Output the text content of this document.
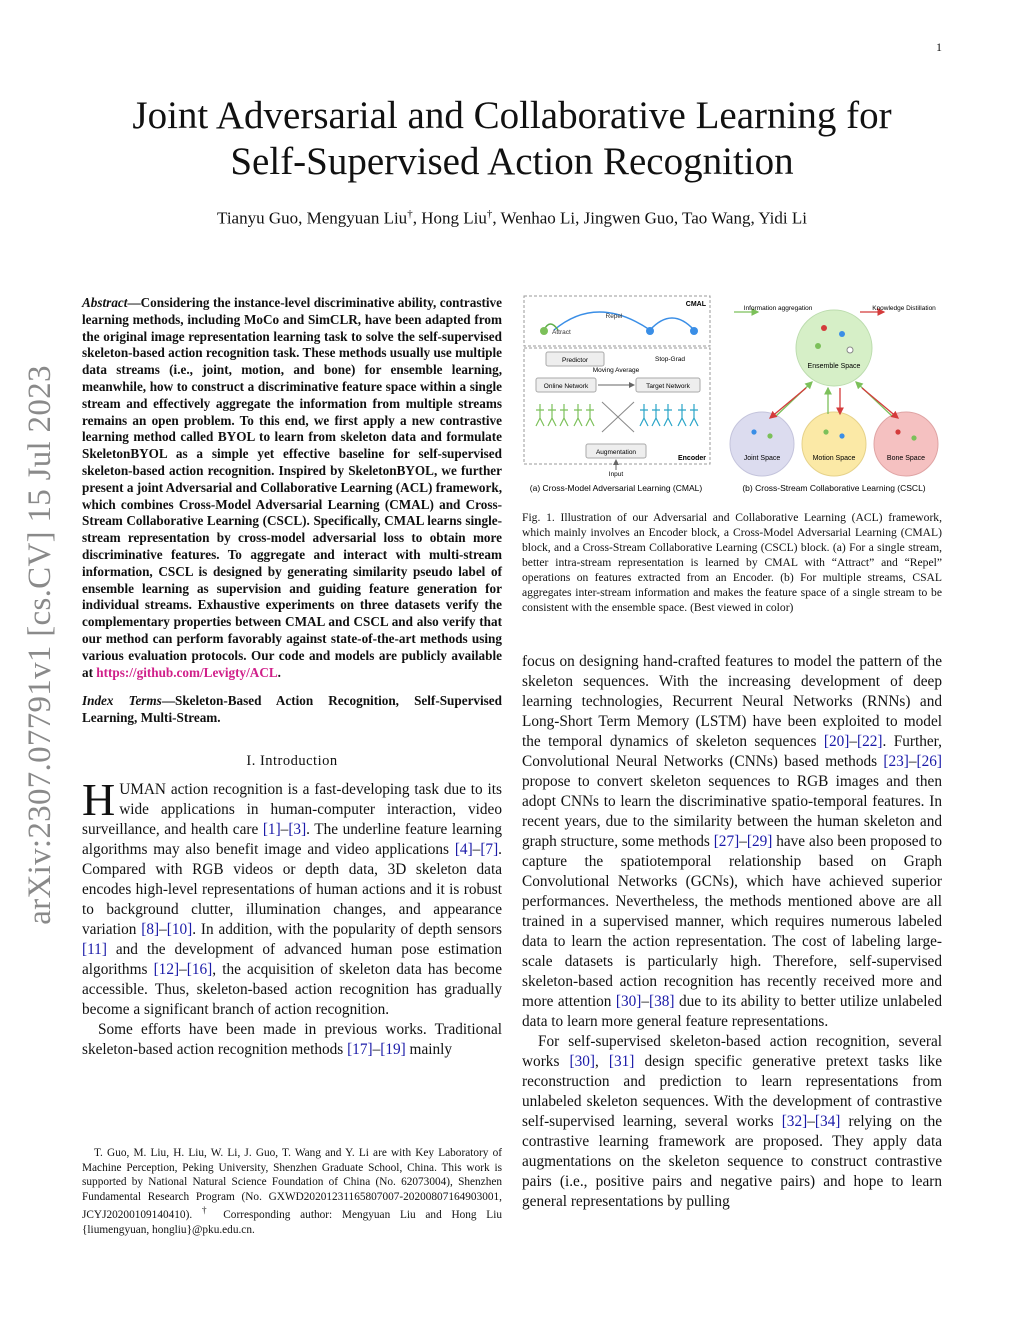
1
Joint Adversarial and Collaborative Learning for
Self-Supervised Action Recognition
Tianyu Guo, Mengyuan Liu†, Hong Liu†, Wenhao Li, Jingwen Guo, Tao Wang, Yidi Li
arXiv:2307.07791v1 [cs.CV] 15 Jul 2023
Abstract—Considering the instance-level discriminative ability, contrastive learning methods, including MoCo and SimCLR, have been adapted from the original image representation learning task to solve the self-supervised skeleton-based action recognition task. These methods usually use multiple data streams (i.e., joint, motion, and bone) for ensemble learning, meanwhile, how to construct a discriminative feature space within a single stream and effectively aggregate the information from multiple streams remains an open problem. To this end, we first apply a new contrastive learning method called BYOL to learn from skeleton data and formulate SkeletonBYOL as a simple yet effective baseline for self-supervised skeleton-based action recognition. Inspired by SkeletonBYOL, we further present a joint Adversarial and Collaborative Learning (ACL) framework, which combines Cross-Model Adversarial Learning (CMAL) and Cross-Stream Collaborative Learning (CSCL). Specifically, CMAL learns single-stream representation by cross-model adversarial loss to obtain more discriminative features. To aggregate and interact with multi-stream information, CSCL is designed by generating similarity pseudo label of ensemble learning as supervision and guiding feature generation for individual streams. Exhaustive experiments on three datasets verify the complementary properties between CMAL and CSCL and also verify that our method can perform favorably against state-of-the-art methods using various evaluation protocols. Our code and models are publicly available at https://github.com/Levigty/ACL.
Index Terms—Skeleton-Based Action Recognition, Self-Supervised Learning, Multi-Stream.
I. Introduction

HUMAN action recognition is a fast-developing task due to its wide applications in human-computer interaction, video surveillance, and health care [1]–[3]. The underline feature learning algorithms may also benefit image and video applications [4]–[7]. Compared with RGB videos or depth data, 3D skeleton data encodes high-level representations of human actions and it is robust to background clutter, illumination changes, and appearance variation [8]–[10]. In addition, with the popularity of depth sensors [11] and the development of advanced human pose estimation algorithms [12]–[16], the acquisition of skeleton data has become accessible. Thus, skeleton-based action recognition has gradually become a significant branch of action recognition.

Some efforts have been made in previous works. Traditional skeleton-based action recognition methods [17]–[19] mainly

T. Guo, M. Liu, H. Liu, W. Li, J. Guo, T. Wang and Y. Li are with Key Laboratory of Machine Perception, Peking University, Shenzhen Graduate School, China. This work is supported by National Natural Science Foundation of China (No. 62073004), Shenzhen Fundamental Research Program (No. GXWD20201231165807007-20200807164903001, JCYJ20200109140410). † Corresponding author: Mengyuan Liu and Hong Liu {liumengyuan, hongliu}@pku.edu.cn.
CMAL
Repel
Attract
Predictor	Stop-Grad
Online Network	Target Network
Moving Average
Augmentation
Encoder
Input
(a) Cross-Model Adversarial Learning (CMAL)
Information aggregation	Knowledge Distillation
Ensemble Space
Joint Space	Motion Space	Bone Space
(b) Cross-Stream Collaborative Learning (CSCL)
Fig. 1. Illustration of our Adversarial and Collaborative Learning (ACL) framework, which mainly involves an Encoder block, a Cross-Model Adversarial Learning (CMAL) block, and a Cross-Stream Collaborative Learning (CSCL) block. (a) For a single stream, better intra-stream representation is learned by CMAL with “Attract” and “Repel” operations on features extracted from an Encoder. (b) For multiple streams, CSAL aggregates inter-stream information and makes the feature space of a single stream to be consistent with the ensemble space. (Best viewed in color)

focus on designing hand-crafted features to model the pattern of the skeleton sequences. With the increasing development of deep learning technologies, Recurrent Neural Networks (RNNs) and Long-Short Term Memory (LSTM) have been exploited to model the temporal dynamics of skeleton sequences [20]–[22]. Further, Convolutional Neural Networks (CNNs) based methods [23]–[26] propose to convert skeleton sequences to RGB images and then adopt CNNs to learn the discriminative spatio-temporal features. In recent years, due to the similarity between the human skeleton and graph structure, some methods [27]–[29] have also been proposed to capture the spatiotemporal relationship based on Graph Convolutional Networks (GCNs), which have achieved superior performances. Nevertheless, the methods mentioned above are all trained in a supervised manner, which requires numerous labeled data to learn the action representation. The cost of labeling large-scale datasets is particularly high. Therefore, self-supervised skeleton-based action recognition has recently received more and more attention [30]–[38] due to its ability to better utilize unlabeled data to learn more general feature representations.

For self-supervised skeleton-based action recognition, several works [30], [31] design specific generative pretext tasks like reconstruction and prediction to learn representations from unlabeled skeleton sequences. With the development of contrastive self-supervised learning, several works [32]–[34] relying on the contrastive learning framework are proposed. They apply data augmentations on the skeleton sequence to construct contrastive pairs (i.e., positive pairs and negative pairs) and hope to learn general representations by pulling
